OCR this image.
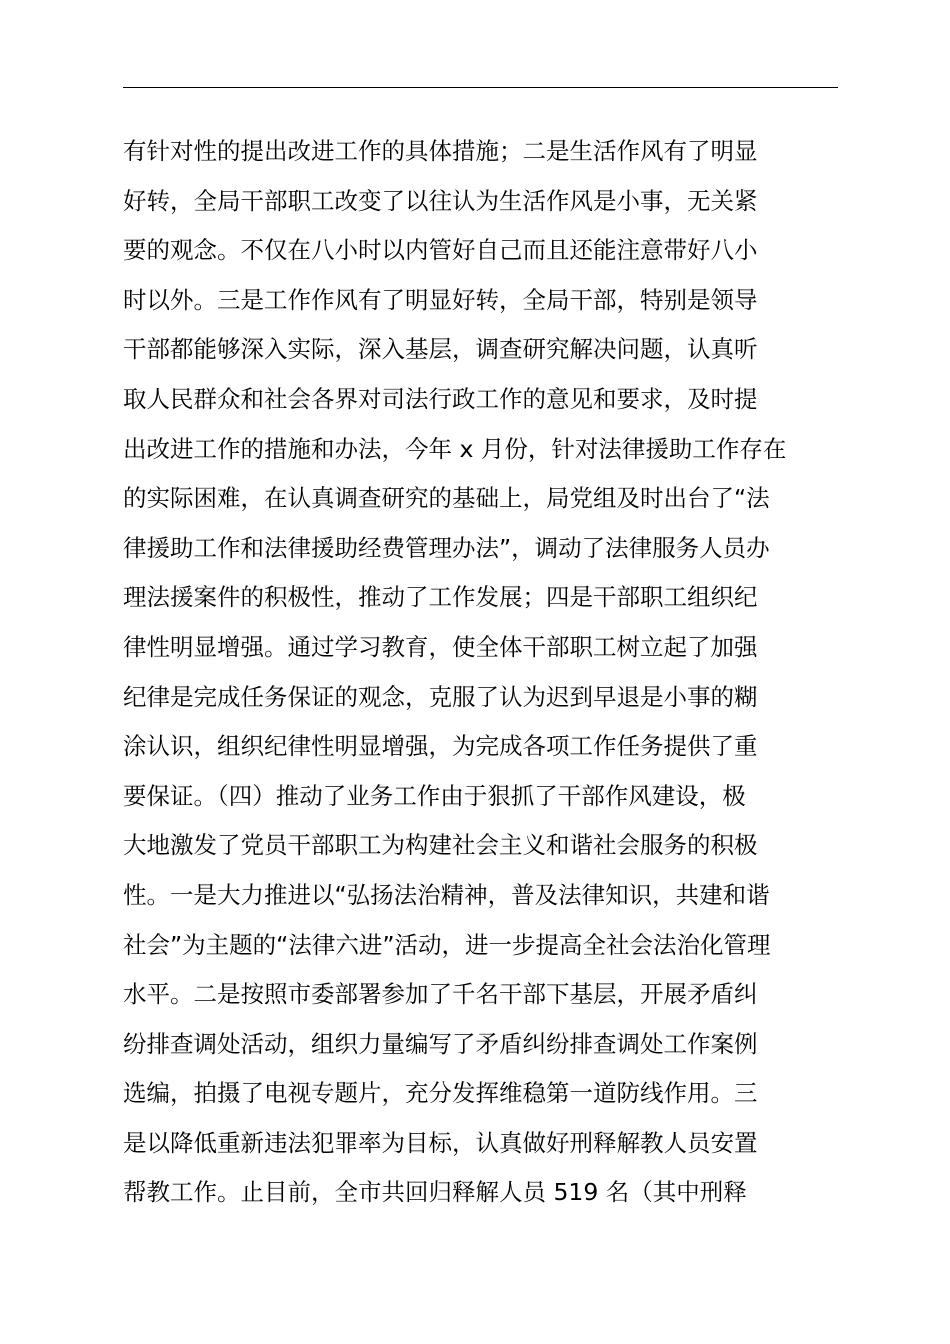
有针对性的提出改进工作的具体措施；二是生活作风有了明显
好转，全局干部职工改变了以往认为生活作风是小事，无关紧
要的观念。不仅在八小时以内管好自己而且还能注意带好八小
时以外。三是工作作风有了明显好转，全局干部，特别是领导
干部都能够深入实际，深入基层，调查研究解决问题，认真听
取人民群众和社会各界对司法行政工作的意见和要求，及时提
出改进工作的措施和办法，今年 x 月份，针对法律援助工作存在
的实际困难，在认真调查研究的基础上，局党组及时出台了“法
律援助工作和法律援助经费管理办法”，调动了法律服务人员办
理法援案件的积极性，推动了工作发展；四是干部职工组织纪
律性明显增强。通过学习教育，使全体干部职工树立起了加强
纪律是完成任务保证的观念，克服了认为迟到早退是小事的糊
涂认识，组织纪律性明显增强，为完成各项工作任务提供了重
要保证。（四）推动了业务工作由于狠抓了干部作风建设，极
大地激发了党员干部职工为构建社会主义和谐社会服务的积极
性。一是大力推进以“弘扬法治精神，普及法律知识，共建和谐
社会”为主题的“法律六进”活动，进一步提高全社会法治化管理
水平。二是按照市委部署参加了千名干部下基层，开展矛盾纠
纷排查调处活动，组织力量编写了矛盾纠纷排查调处工作案例
选编，拍摄了电视专题片，充分发挥维稳第一道防线作用。三
是以降低重新违法犯罪率为目标，认真做好刑释解教人员安置
帮教工作。止目前，全市共回归释解人员 519 名（其中刑释
